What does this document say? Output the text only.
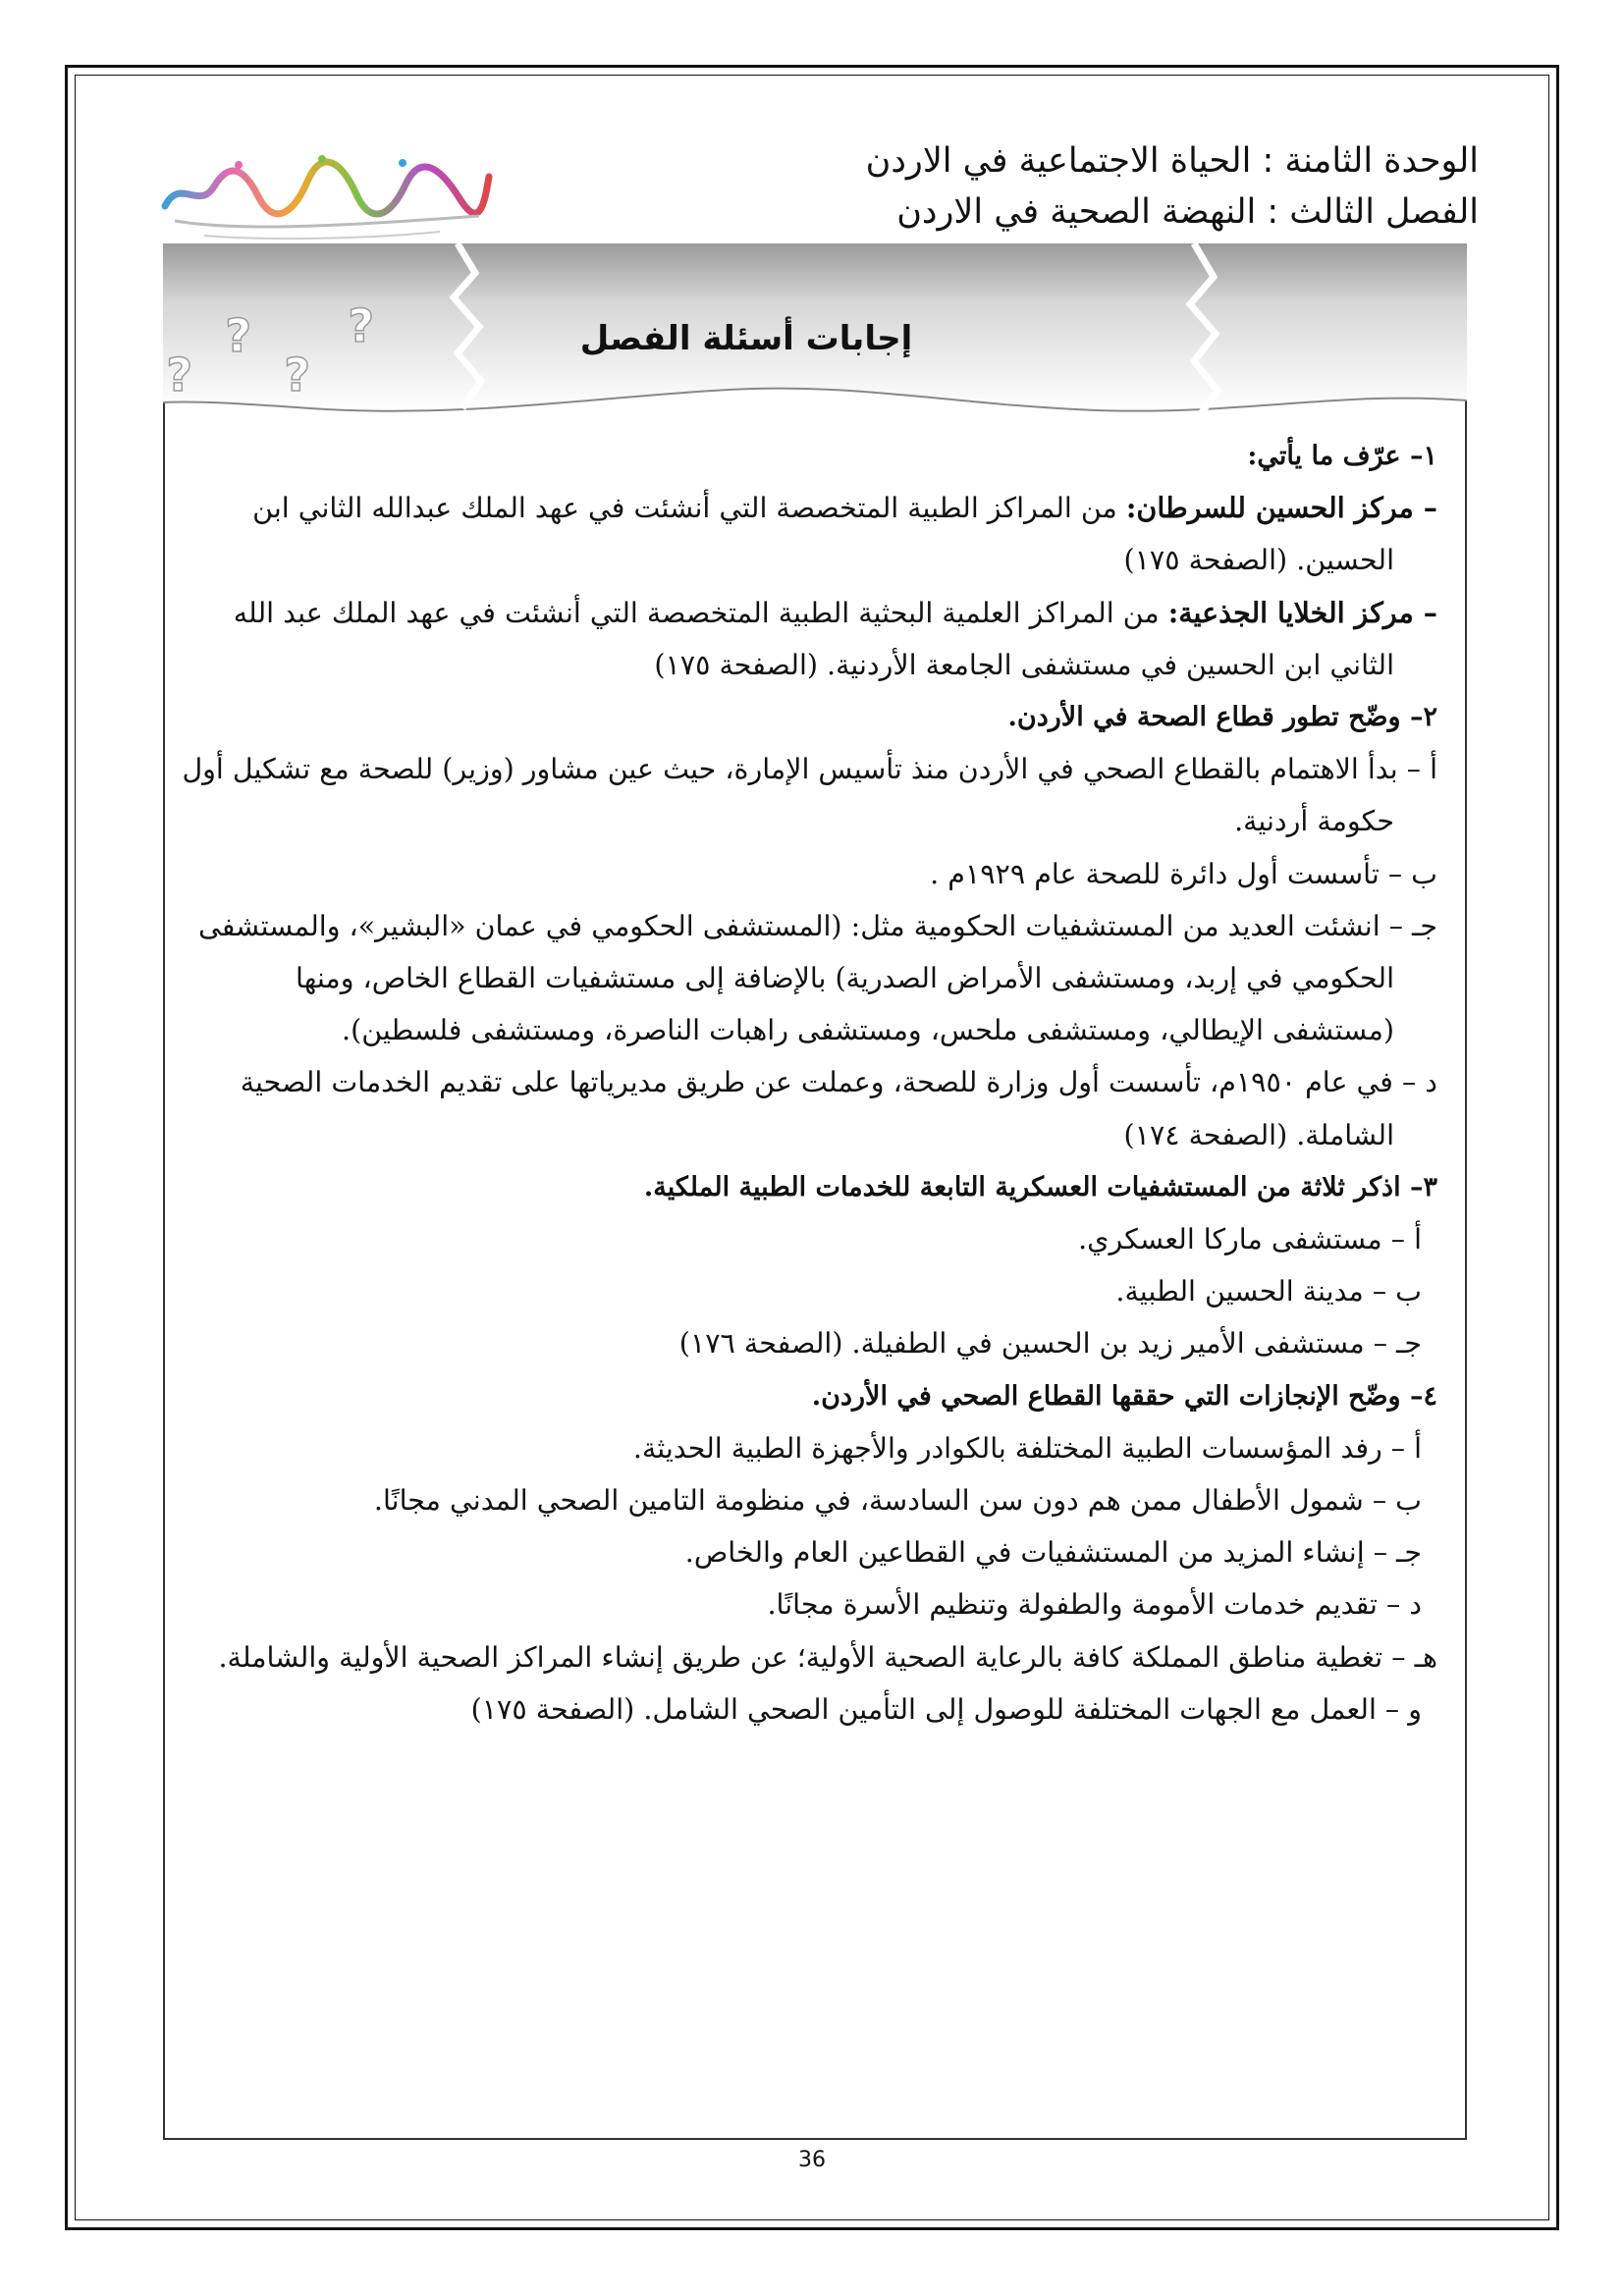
الوحدة الثامنة : الحياة الاجتماعية في الاردن
الفصل الثالث : النهضة الصحية في الاردن
?
?
?
?	إجابات أسئلة الفصل

١– عرّف ما يأتي:

– مركز الحسين للسرطان: من المراكز الطبية المتخصصة التي أنشئت في عهد الملك عبدالله الثاني ابن الحسين. (الصفحة ١٧٥)

– مركز الخلايا الجذعية: من المراكز العلمية البحثية الطبية المتخصصة التي أنشئت في عهد الملك عبد الله الثاني ابن الحسين في مستشفى الجامعة الأردنية. (الصفحة ١٧٥)

٢– وضّح تطور قطاع الصحة في الأردن.

أ – بدأ الاهتمام بالقطاع الصحي في الأردن منذ تأسيس الإمارة، حيث عين مشاور (وزير) للصحة مع تشكيل أول حكومة أردنية.

ب – تأسست أول دائرة للصحة عام ١٩٢٩م .

جـ – انشئت العديد من المستشفيات الحكومية مثل: (المستشفى الحكومي في عمان «البشير»، والمستشفى الحكومي في إربد، ومستشفى الأمراض الصدرية) بالإضافة إلى مستشفيات القطاع الخاص، ومنها (مستشفى الإيطالي، ومستشفى ملحس، ومستشفى راهبات الناصرة، ومستشفى فلسطين).

د – في عام ١٩٥٠م، تأسست أول وزارة للصحة، وعملت عن طريق مديرياتها على تقديم الخدمات الصحية الشاملة. (الصفحة ١٧٤)

٣– اذكر ثلاثة من المستشفيات العسكرية التابعة للخدمات الطبية الملكية.

أ – مستشفى ماركا العسكري.

ب – مدينة الحسين الطبية.

جـ – مستشفى الأمير زيد بن الحسين في الطفيلة. (الصفحة ١٧٦)

٤– وضّح الإنجازات التي حققها القطاع الصحي في الأردن.

أ – رفد المؤسسات الطبية المختلفة بالكوادر والأجهزة الطبية الحديثة.

ب – شمول الأطفال ممن هم دون سن السادسة، في منظومة التامين الصحي المدني مجانًا.

جـ – إنشاء المزيد من المستشفيات في القطاعين العام والخاص.

د – تقديم خدمات الأمومة والطفولة وتنظيم الأسرة مجانًا.

هـ – تغطية مناطق المملكة كافة بالرعاية الصحية الأولية؛ عن طريق إنشاء المراكز الصحية الأولية والشاملة.

و – العمل مع الجهات المختلفة للوصول إلى التأمين الصحي الشامل. (الصفحة ١٧٥)

36
